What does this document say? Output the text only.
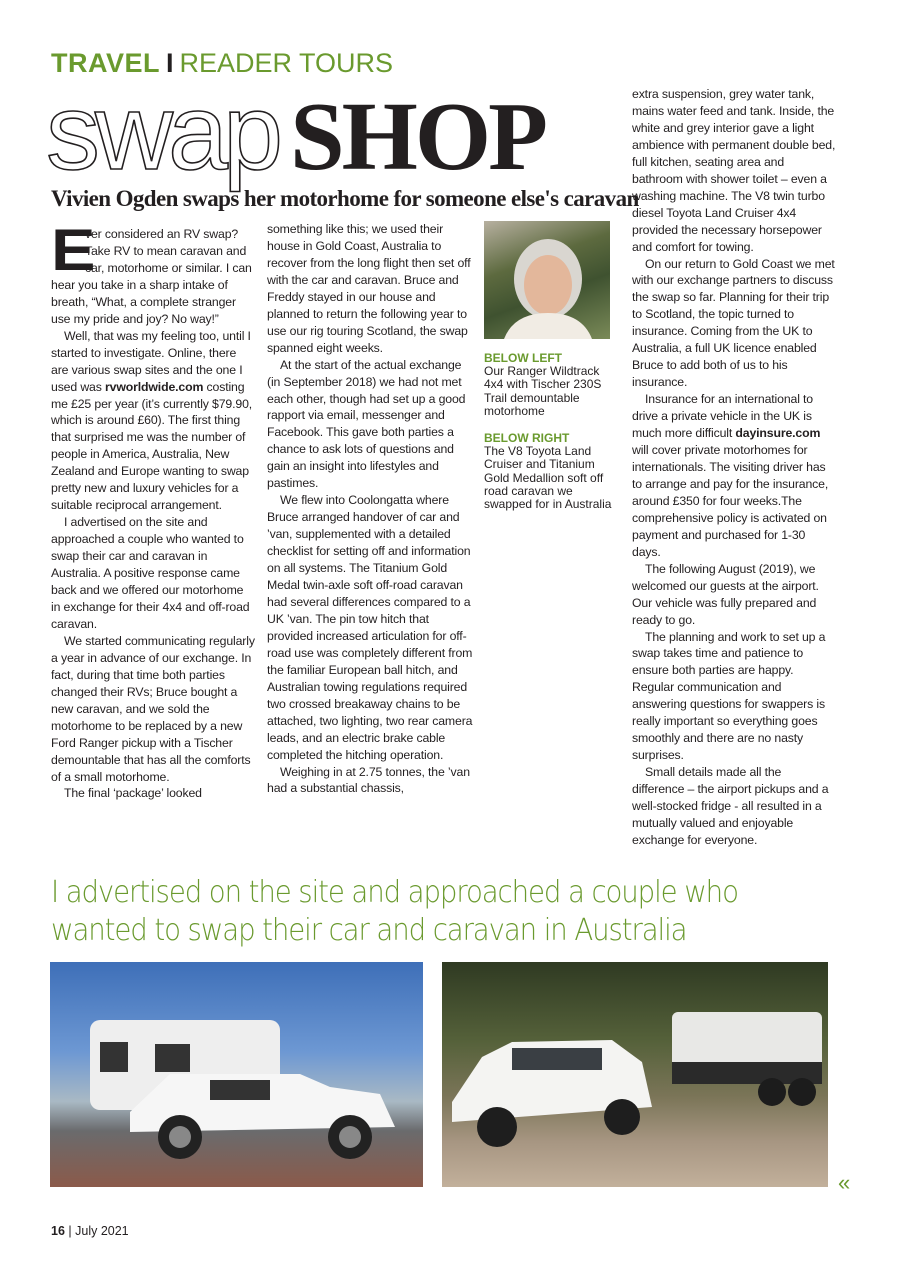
TRAVEL I READER TOURS
swap SHOP
Vivien Ogden swaps her motorhome for someone else's caravan

E
ver considered an RV swap? Take RV to mean caravan and car, motorhome or similar. I can hear you take in a sharp intake of breath, “What, a complete stranger use my pride and joy? No way!”

Well, that was my feeling too, until I started to investigate. Online, there are various swap sites and the one I used was rvworldwide.com costing me £25 per year (it’s currently $79.90, which is around £60). The first thing that surprised me was the number of people in America, Australia, New Zealand and Europe wanting to swap pretty new and luxury vehicles for a suitable reciprocal arrangement.

I advertised on the site and approached a couple who wanted to swap their car and caravan in Australia. A positive response came back and we offered our motorhome in exchange for their 4x4 and off-road caravan.

We started communicating regularly a year in advance of our exchange. In fact, during that time both parties changed their RVs; Bruce bought a new caravan, and we sold the motorhome to be replaced by a new Ford Ranger pickup with a Tischer demountable that has all the comforts of a small motorhome.

The final ‘package’ looked

something like this; we used their house in Gold Coast, Australia to recover from the long flight then set off with the car and caravan. Bruce and Freddy stayed in our house and planned to return the following year to use our rig touring Scotland, the swap spanned eight weeks.

At the start of the actual exchange (in September 2018) we had not met each other, though had set up a good rapport via email, messenger and Facebook. This gave both parties a chance to ask lots of questions and gain an insight into lifestyles and pastimes.

We flew into Coolongatta where Bruce arranged handover of car and ’van, supplemented with a detailed checklist for setting off and information on all systems. The Titanium Gold Medal twin-axle soft off-road caravan had several differences compared to a UK ’van. The pin tow hitch that provided increased articulation for off-road use was completely different from the familiar European ball hitch, and Australian towing regulations required two crossed breakaway chains to be attached, two lighting, two rear camera leads, and an electric brake cable completed the hitching operation.

Weighing in at 2.75 tonnes, the ’van had a substantial chassis,

BELOW LEFT
Our Ranger Wildtrack 4x4 with Tischer 230S Trail demountable motorhome
BELOW RIGHT
The V8 Toyota Land Cruiser and Titanium Gold Medallion soft off road caravan we swapped for in Australia

extra suspension, grey water tank, mains water feed and tank. Inside, the white and grey interior gave a light ambience with permanent double bed, full kitchen, seating area and bathroom with shower toilet – even a washing machine. The V8 twin turbo diesel Toyota Land Cruiser 4x4 provided the necessary horsepower and comfort for towing.

On our return to Gold Coast we met with our exchange partners to discuss the swap so far. Planning for their trip to Scotland, the topic turned to insurance. Coming from the UK to Australia, a full UK licence enabled Bruce to add both of us to his insurance.

Insurance for an international to drive a private vehicle in the UK is much more difficult dayinsure.com will cover private motorhomes for internationals. The visiting driver has to arrange and pay for the insurance, around £350 for four weeks.The comprehensive policy is activated on payment and purchased for 1-30 days.

The following August (2019), we welcomed our guests at the airport. Our vehicle was fully prepared and ready to go.

The planning and work to set up a swap takes time and patience to ensure both parties are happy. Regular communication and answering questions for swappers is really important so everything goes smoothly and there are no nasty surprises.

Small details made all the difference – the airport pickups and a well-stocked fridge - all resulted in a mutually valued and enjoyable exchange for everyone.

I advertised on the site and approached a couple who
wanted to swap their car and caravan in Australia
«
16 | July 2021
